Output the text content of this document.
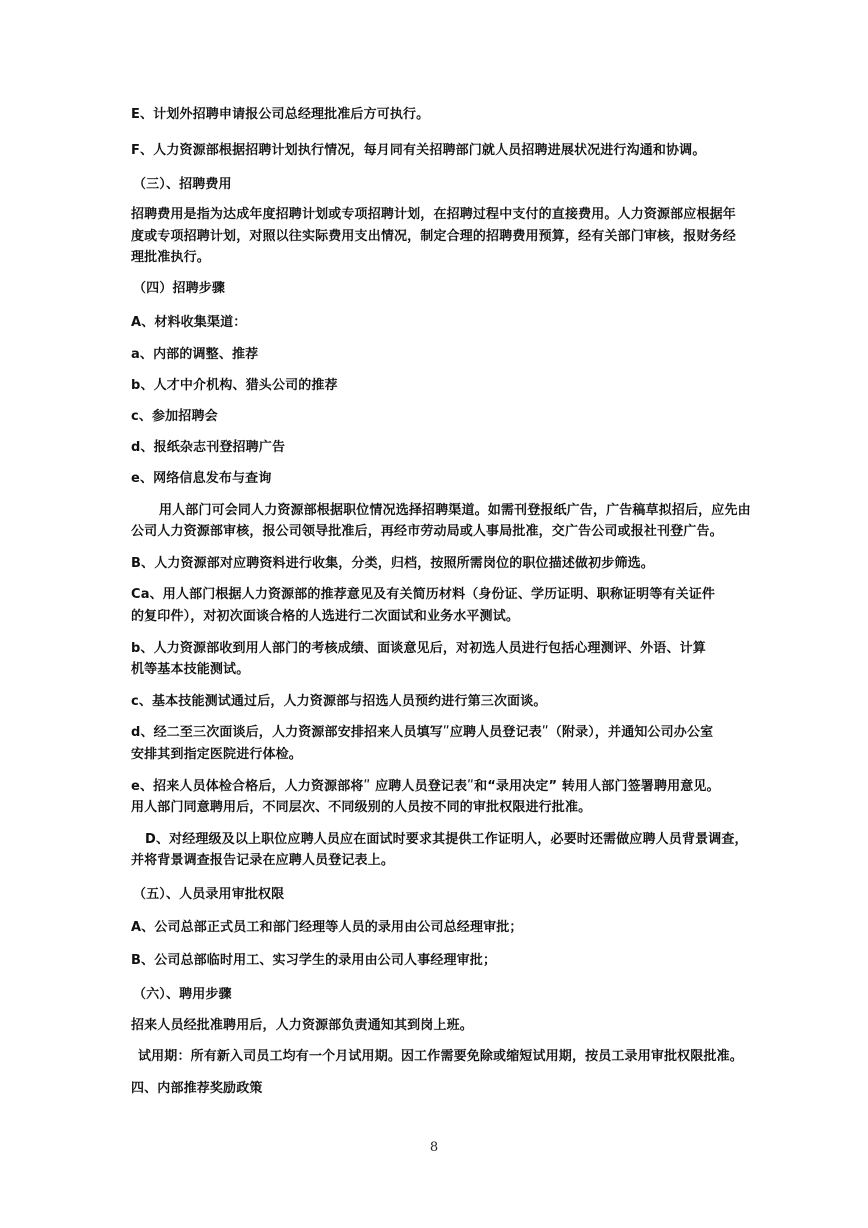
E、计划外招聘申请报公司总经理批准后方可执行。

F、人力资源部根据招聘计划执行情况，每月同有关招聘部门就人员招聘进展状况进行沟通和协调。

（三）、招聘费用

招聘费用是指为达成年度招聘计划或专项招聘计划，在招聘过程中支付的直接费用。人力资源部应根据年

度或专项招聘计划，对照以往实际费用支出情况，制定合理的招聘费用预算，经有关部门审核，报财务经

理批准执行。

（四）招聘步骤

A、材料收集渠道：

a、内部的调整、推荐

b、人才中介机构、猎头公司的推荐

c、参加招聘会

d、报纸杂志刊登招聘广告

e、网络信息发布与查询

用人部门可会同人力资源部根据职位情况选择招聘渠道。如需刊登报纸广告，广告稿草拟招后，应先由

公司人力资源部审核，报公司领导批准后，再经市劳动局或人事局批准，交广告公司或报社刊登广告。

B、人力资源部对应聘资料进行收集，分类，归档，按照所需岗位的职位描述做初步筛选。

Ca、用人部门根据人力资源部的推荐意见及有关简历材料（身份证、学历证明、职称证明等有关证件

的复印件），对初次面谈合格的人选进行二次面试和业务水平测试。

b、人力资源部收到用人部门的考核成绩、面谈意见后，对初选人员进行包括心理测评、外语、计算

机等基本技能测试。

c、基本技能测试通过后，人力资源部与招选人员预约进行第三次面谈。

d、经二至三次面谈后，人力资源部安排招来人员填写ʺ应聘人员登记表ʺ（附录），并通知公司办公室

安排其到指定医院进行体检。

e、招来人员体检合格后，人力资源部将ʺ 应聘人员登记表ʺ和“录用决定” 转用人部门签署聘用意见。

用人部门同意聘用后，不同层次、不同级别的人员按不同的审批权限进行批准。

D、对经理级及以上职位应聘人员应在面试时要求其提供工作证明人，必要时还需做应聘人员背景调查，

并将背景调查报告记录在应聘人员登记表上。

（五）、人员录用审批权限

A、公司总部正式员工和部门经理等人员的录用由公司总经理审批；

B、公司总部临时用工、实习学生的录用由公司人事经理审批；

（六）、聘用步骤

招来人员经批准聘用后，人力资源部负责通知其到岗上班。

试用期：所有新入司员工均有一个月试用期。因工作需要免除或缩短试用期，按员工录用审批权限批准。

四、内部推荐奖励政策

8
